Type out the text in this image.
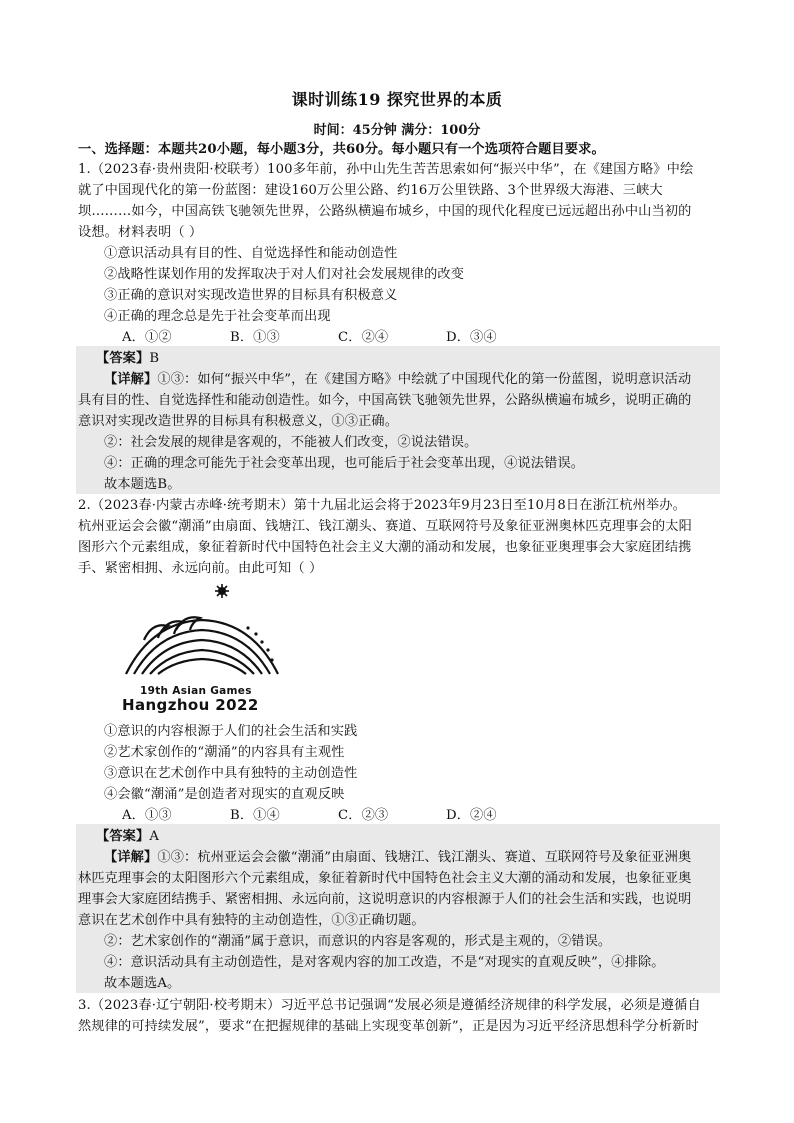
课时训练19 探究世界的本质
时间：45分钟 满分：100分
一、选择题：本题共20小题，每小题3分，共60分。每小题只有一个选项符合题目要求。
1.（2023春·贵州贵阳·校联考）100多年前，孙中山先生苦苦思索如何“振兴中华”，在《建国方略》中绘
就了中国现代化的第一份蓝图：建设160万公里公路、约16万公里铁路、3个世界级大海港、三峡大
坝………如今，中国高铁飞驰领先世界，公路纵横遍布城乡，中国的现代化程度已远远超出孙中山当初的
设想。材料表明（ ）
①意识活动具有目的性、自觉选择性和能动创造性
②战略性谋划作用的发挥取决于对人们对社会发展规律的改变
③正确的意识对实现改造世界的目标具有积极意义
④正确的理念总是先于社会变革而出现
A．①②	B．①③	C．②④	D．③④
【答案】B
【详解】①③：如何“振兴中华”，在《建国方略》中绘就了中国现代化的第一份蓝图，说明意识活动
具有目的性、自觉选择性和能动创造性。如今，中国高铁飞驰领先世界，公路纵横遍布城乡，说明正确的
意识对实现改造世界的目标具有积极意义，①③正确。
②：社会发展的规律是客观的，不能被人们改变，②说法错误。
④：正确的理念可能先于社会变革出现，也可能后于社会变革出现，④说法错误。
故本题选B。
2.（2023春·内蒙古赤峰·统考期末）第十九届北运会将于2023年9月23日至10月8日在浙江杭州举办。
杭州亚运会会徽“潮涌”由扇面、钱塘江、钱江潮头、赛道、互联网符号及象征亚洲奥林匹克理事会的太阳
图形六个元素组成，象征着新时代中国特色社会主义大潮的涌动和发展，也象征亚奥理事会大家庭团结携
手、紧密相拥、永远向前。由此可知（ ）
19th Asian Games
Hangzhou 2022
①意识的内容根源于人们的社会生活和实践
②艺术家创作的“潮涌”的内容具有主观性
③意识在艺术创作中具有独特的主动创造性
④会徽“潮涌”是创造者对现实的直观反映
A．①③	B．①④	C．②③	D．②④
【答案】A
【详解】①③：杭州亚运会会徽“潮涌”由扇面、钱塘江、钱江潮头、赛道、互联网符号及象征亚洲奥
林匹克理事会的太阳图形六个元素组成，象征着新时代中国特色社会主义大潮的涌动和发展，也象征亚奥
理事会大家庭团结携手、紧密相拥、永远向前，这说明意识的内容根源于人们的社会生活和实践，也说明
意识在艺术创作中具有独特的主动创造性，①③正确切题。
②：艺术家创作的“潮涌”属于意识，而意识的内容是客观的，形式是主观的，②错误。
④：意识活动具有主动创造性，是对客观内容的加工改造，不是“对现实的直观反映”，④排除。
故本题选A。
3.（2023春·辽宁朝阳·校考期末）习近平总书记强调“发展必须是遵循经济规律的科学发展，必须是遵循自
然规律的可持续发展”，要求“在把握规律的基础上实现变革创新”，正是因为习近平经济思想科学分析新时
